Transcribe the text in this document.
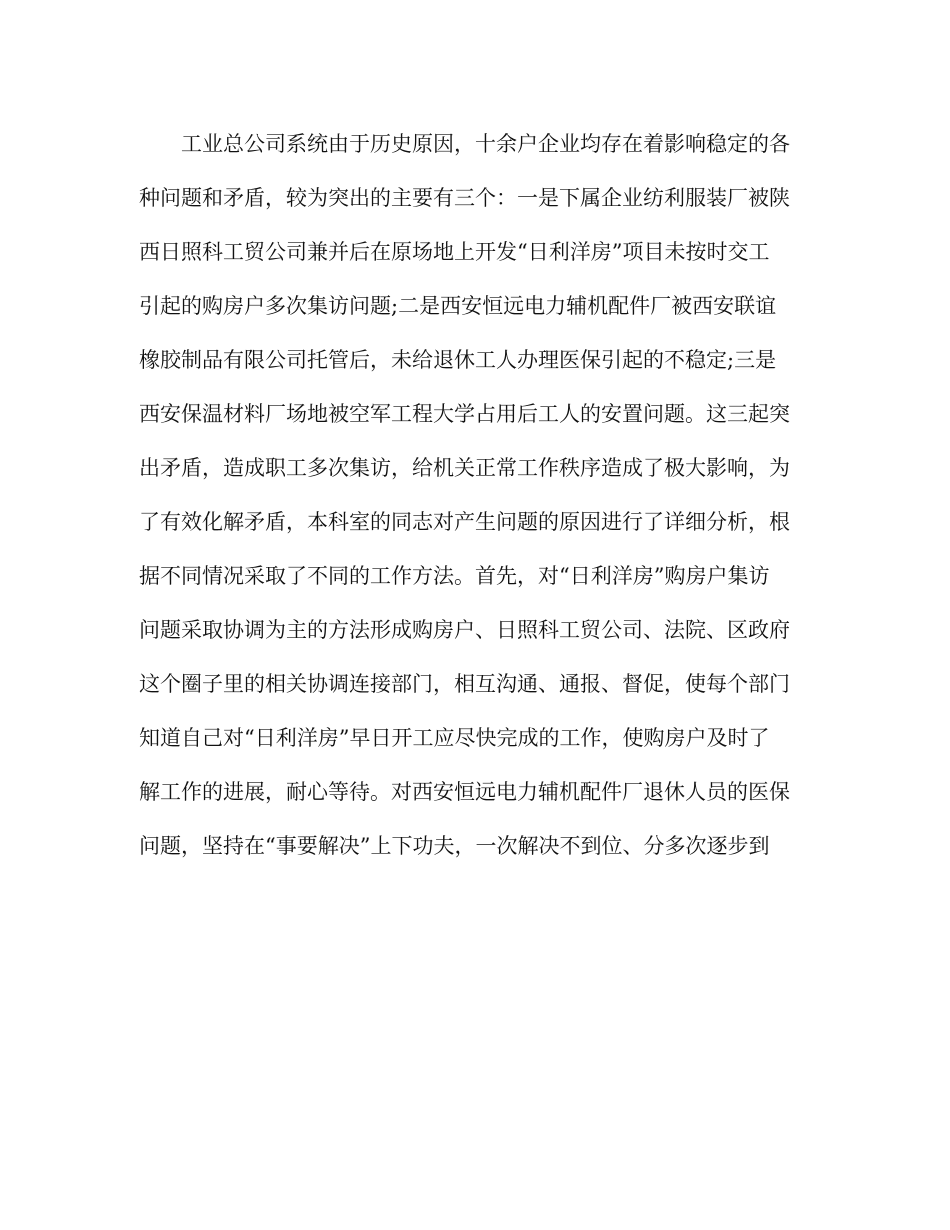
工业总公司系统由于历史原因，十余户企业均存在着影响稳定的各
种问题和矛盾，较为突出的主要有三个：一是下属企业纺利服装厂被陕
西日照科工贸公司兼并后在原场地上开发“日利洋房”项目未按时交工
引起的购房户多次集访问题;二是西安恒远电力辅机配件厂被西安联谊
橡胶制品有限公司托管后，未给退休工人办理医保引起的不稳定;三是
西安保温材料厂场地被空军工程大学占用后工人的安置问题。这三起突
出矛盾，造成职工多次集访，给机关正常工作秩序造成了极大影响，为
了有效化解矛盾，本科室的同志对产生问题的原因进行了详细分析，根
据不同情况采取了不同的工作方法。首先，对“日利洋房”购房户集访
问题采取协调为主的方法形成购房户、日照科工贸公司、法院、区政府
这个圈子里的相关协调连接部门，相互沟通、通报、督促，使每个部门
知道自己对“日利洋房”早日开工应尽快完成的工作，使购房户及时了
解工作的进展，耐心等待。对西安恒远电力辅机配件厂退休人员的医保
问题，坚持在“事要解决”上下功夫，一次解决不到位、分多次逐步到
